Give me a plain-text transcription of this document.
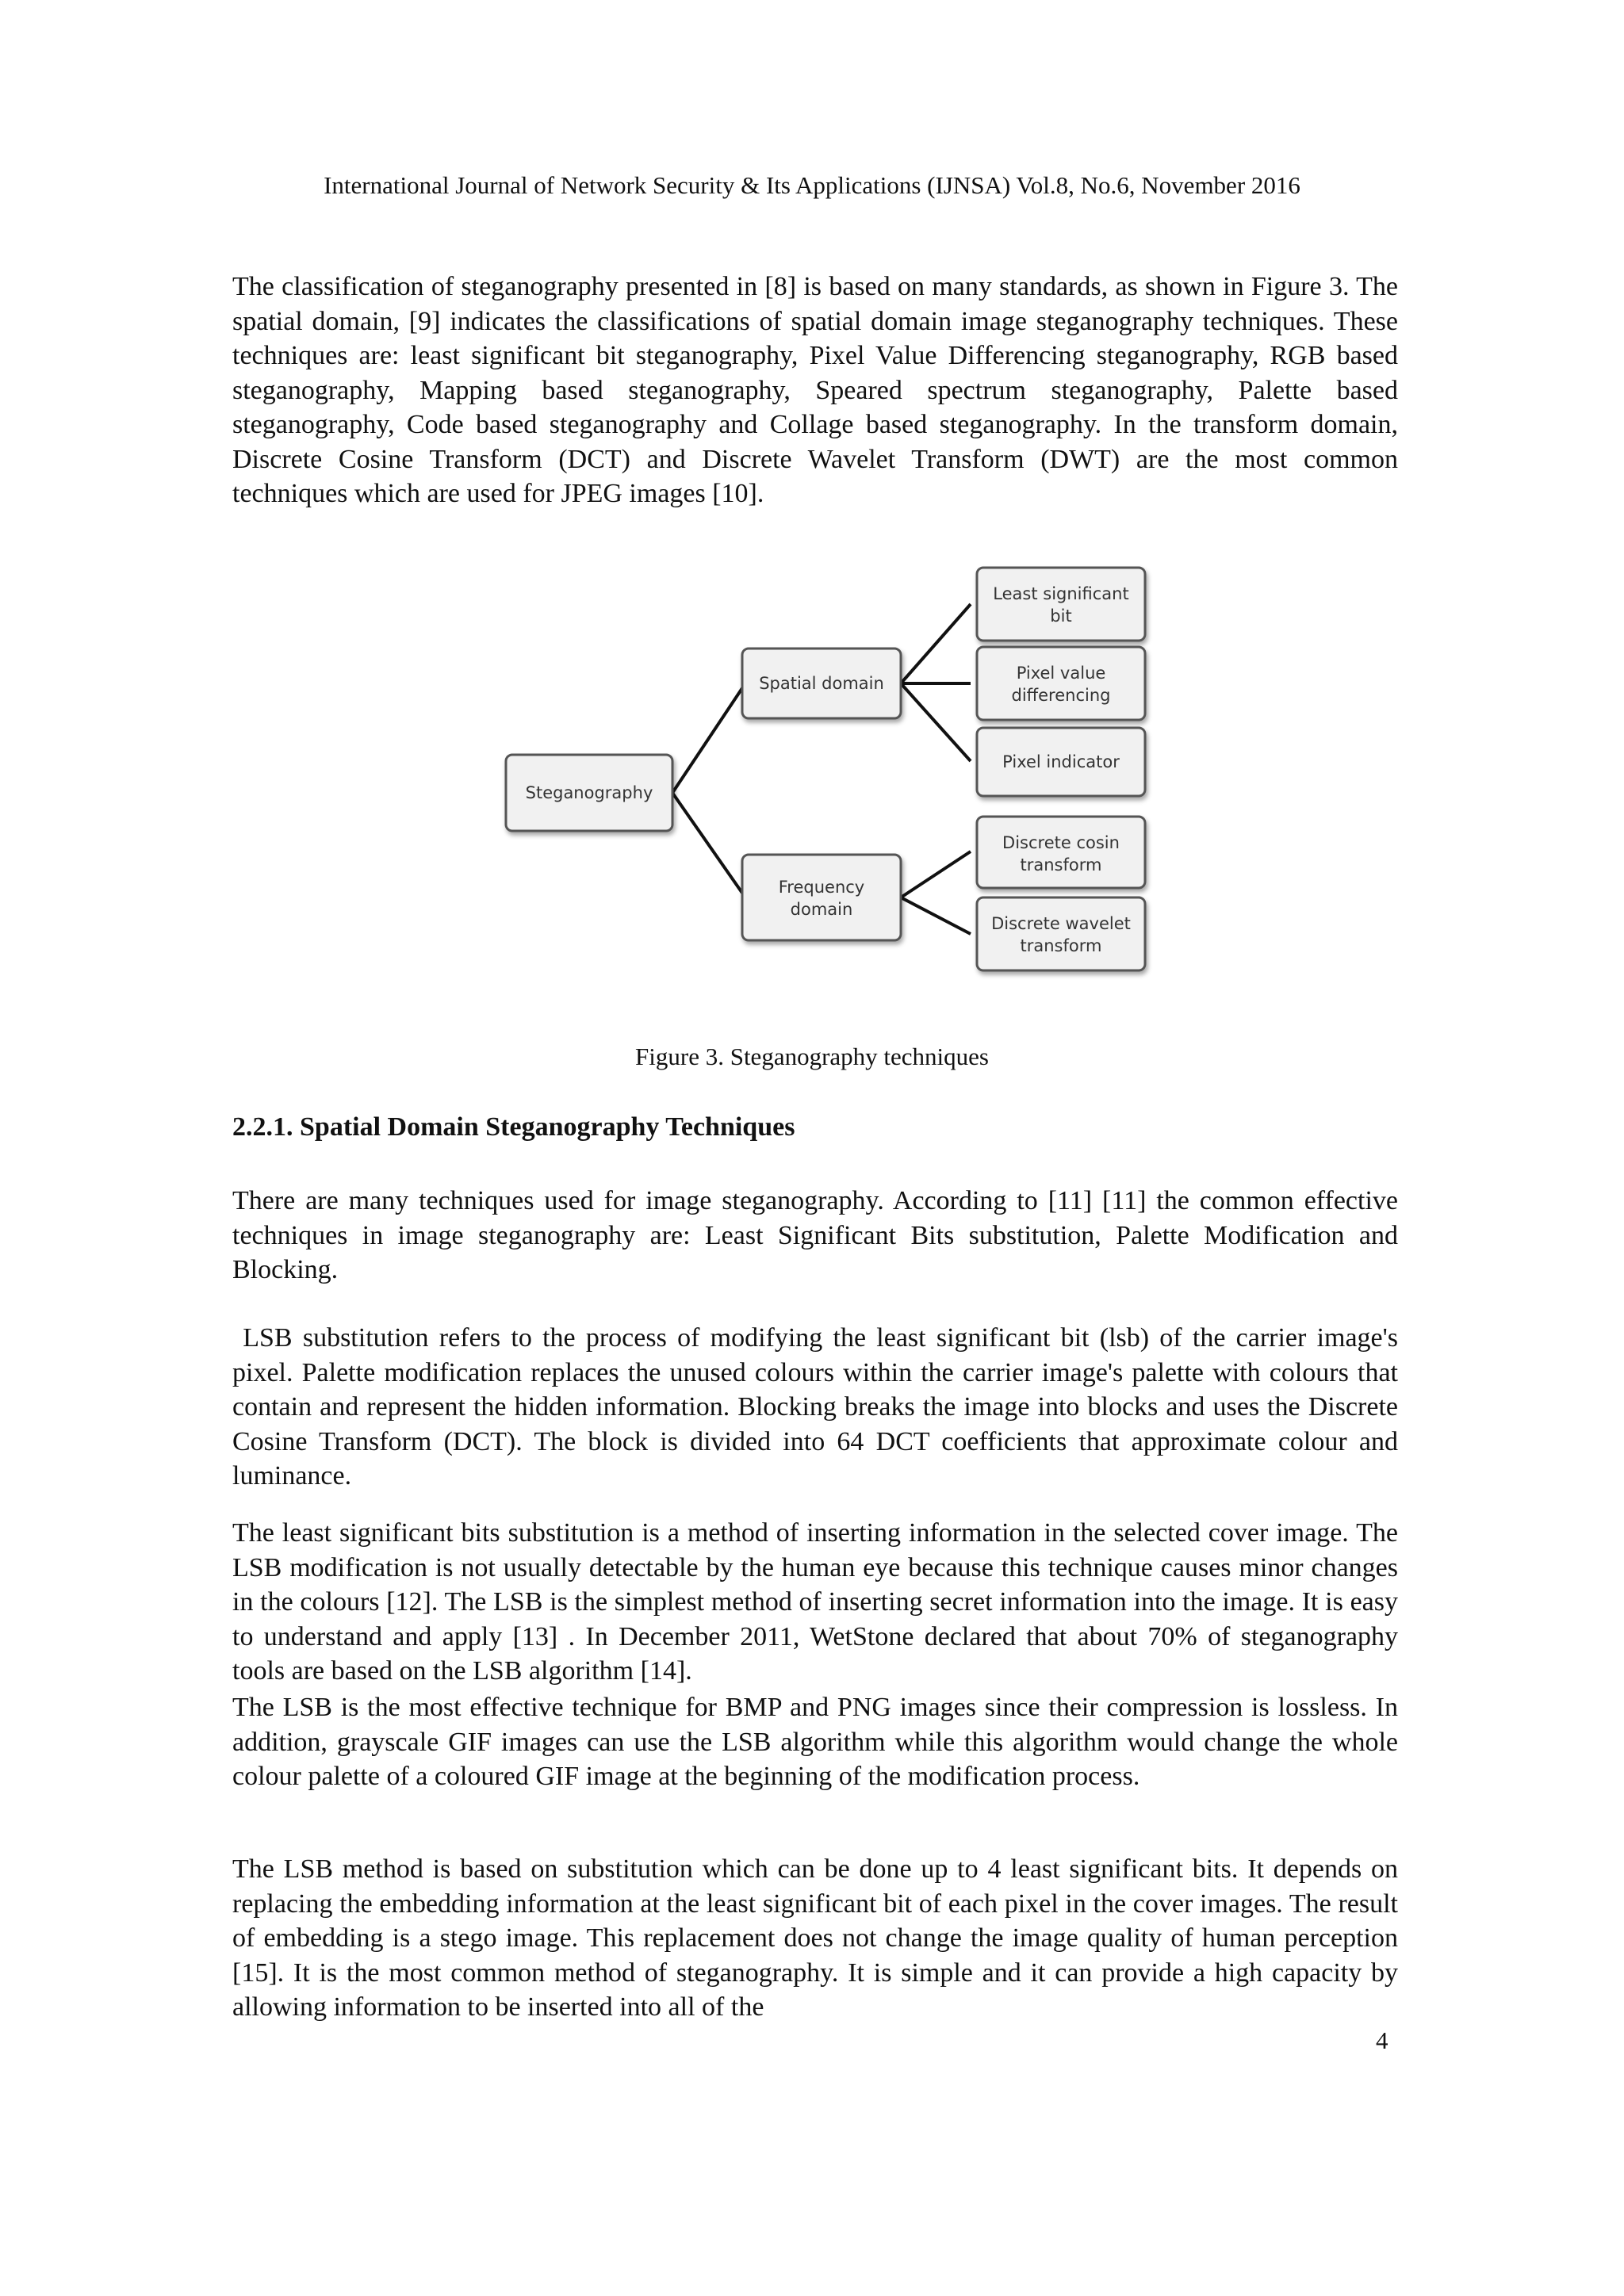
International Journal of Network Security & Its Applications (IJNSA) Vol.8, No.6, November 2016

The classification of steganography presented in [8] is based on many standards, as shown in Figure 3. The spatial domain, [9] indicates the classifications of spatial domain image steganography techniques. These techniques are: least significant bit steganography, Pixel Value Differencing steganography, RGB based steganography, Mapping based steganography, Speared spectrum steganography, Palette based steganography, Code based steganography and Collage based steganography. In the transform domain, Discrete Cosine Transform (DCT) and Discrete Wavelet Transform (DWT) are the most common techniques which are used for JPEG images [10].

Steganography
Spatial domain
Frequency
domain
Least significant
bit
Pixel value
differencing
Pixel indicator
Discrete cosin
transform
Discrete wavelet
transform
Figure 3. Steganography techniques
2.2.1. Spatial Domain Steganography Techniques

There are many techniques used for image steganography. According to [11] [11] the common effective techniques in image steganography are: Least Significant Bits substitution, Palette Modification and Blocking.

LSB substitution refers to the process of modifying the least significant bit (lsb) of the carrier image's pixel. Palette modification replaces the unused colours within the carrier image's palette with colours that contain and represent the hidden information. Blocking breaks the image into blocks and uses the Discrete Cosine Transform (DCT). The block is divided into 64 DCT coefficients that approximate colour and luminance.

The least significant bits substitution is a method of inserting information in the selected cover image. The LSB modification is not usually detectable by the human eye because this technique causes minor changes in the colours [12]. The LSB is the simplest method of inserting secret information into the image. It is easy to understand and apply [13] . In December 2011, WetStone declared that about 70% of steganography tools are based on the LSB algorithm [14].

The LSB is the most effective technique for BMP and PNG images since their compression is lossless. In addition, grayscale GIF images can use the LSB algorithm while this algorithm would change the whole colour palette of a coloured GIF image at the beginning of the modification process.

The LSB method is based on substitution which can be done up to 4 least significant bits. It depends on replacing the embedding information at the least significant bit of each pixel in the cover images. The result of embedding is a stego image. This replacement does not change the image quality of human perception [15]. It is the most common method of steganography. It is simple and it can provide a high capacity by allowing information to be inserted into all of the

4
